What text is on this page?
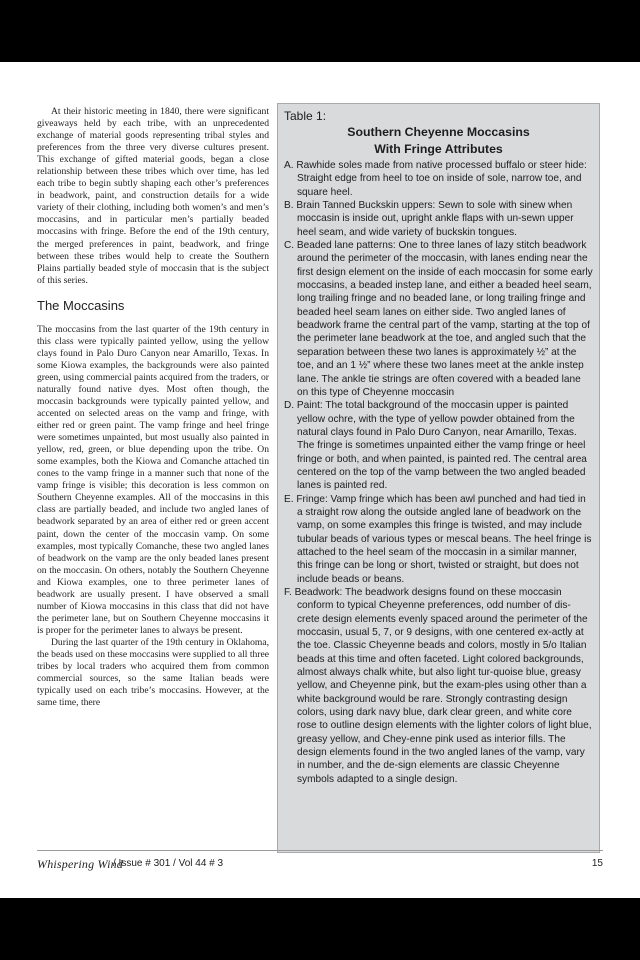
At their historic meeting in 1840, there were significant giveaways held by each tribe, with an unprecedented exchange of material goods representing tribal styles and preferences from the three very diverse cultures present. This exchange of gifted material goods, began a close relationship between these tribes which over time, has led each tribe to begin subtly shaping each other’s preferences in beadwork, paint, and construction details for a wide variety of their clothing, including both women’s and men’s moccasins, and in particular men’s partially beaded moccasins with fringe. Before the end of the 19th century, the merged preferences in paint, beadwork, and fringe between these tribes would help to create the Southern Plains partially beaded style of moccasin that is the subject of this series.

The Moccasins

The moccasins from the last quarter of the 19th century in this class were typically painted yellow, using the yellow clays found in Palo Duro Canyon near Amarillo, Texas. In some Kiowa examples, the backgrounds were also painted green, using commercial paints acquired from the traders, or naturally found native dyes. Most often though, the moccasin backgrounds were typically painted yellow, and accented on selected areas on the vamp and fringe, with either red or green paint. The vamp fringe and heel fringe were sometimes unpainted, but most usually also painted in yellow, red, green, or blue depending upon the tribe. On some examples, both the Kiowa and Comanche attached tin cones to the vamp fringe in a manner such that none of the vamp fringe is visible; this decoration is less common on Southern Cheyenne examples. All of the moccasins in this class are partially beaded, and include two angled lanes of beadwork separated by an area of either red or green accent paint, down the center of the moccasin vamp. On some examples, most typically Comanche, these two angled lanes of beadwork on the vamp are the only beaded lanes present on the moccasin. On others, notably the Southern Cheyenne and Kiowa examples, one to three perimeter lanes of beadwork are usually present. I have observed a small number of Kiowa moccasins in this class that did not have the perimeter lane, but on Southern Cheyenne moccasins it is proper for the perimeter lanes to always be present.

During the last quarter of the 19th century in Oklahoma, the beads used on these moccasins were supplied to all three tribes by local traders who acquired them from common commercial sources, so the same Italian beads were typically used on each tribe’s moccasins. However, at the same time, there

Table 1:
Southern Cheyenne Moccasins
With Fringe Attributes
A. Rawhide soles made from native processed buffalo or steer hide: Straight edge from heel to toe on inside of sole, narrow toe, and square heel.
B. Brain Tanned Buckskin uppers: Sewn to sole with sinew when moccasin is inside out, upright ankle flaps with un-sewn upper heel seam, and wide variety of buckskin tongues.
C. Beaded lane patterns: One to three lanes of lazy stitch beadwork around the perimeter of the moccasin, with lanes ending near the first design element on the inside of each moccasin for some early moccasins, a beaded instep lane, and either a beaded heel seam, long trailing fringe and no beaded lane, or long trailing fringe and beaded heel seam lanes on either side. Two angled lanes of beadwork frame the central part of the vamp, starting at the top of the perimeter lane beadwork at the toe, and angled such that the separation between these two lanes is approximately ½” at the toe, and an 1 ½” where these two lanes meet at the ankle instep lane. The ankle tie strings are often covered with a beaded lane on this type of Cheyenne moccasin
D. Paint: The total background of the moccasin upper is painted yellow ochre, with the type of yellow powder obtained from the natural clays found in Palo Duro Canyon, near Amarillo, Texas. The fringe is sometimes unpainted either the vamp fringe or heel fringe or both, and when painted, is painted red. The central area centered on the top of the vamp between the two angled beaded lanes is painted red.
E. Fringe: Vamp fringe which has been awl punched and had tied in a straight row along the outside angled lane of beadwork on the vamp, on some examples this fringe is twisted, and may include tubular beads of various types or mescal beans. The heel fringe is attached to the heel seam of the moccasin in a similar manner, this fringe can be long or short, twisted or straight, but does not include beads or beans.
F. Beadwork: The beadwork designs found on these moccasin conform to typical Cheyenne preferences, odd number of dis-crete design elements evenly spaced around the perimeter of the moccasin, usual 5, 7, or 9 designs, with one centered ex-actly at the toe. Classic Cheyenne beads and colors, mostly in 5/o Italian beads at this time and often faceted. Light colored backgrounds, almost always chalk white, but also light tur-quoise blue, greasy yellow, and Cheyenne pink, but the exam-ples using other than a white background would be rare. Strongly contrasting design colors, using dark navy blue, dark clear green, and white core rose to outline design elements with the lighter colors of light blue, greasy yellow, and Chey-enne pink used as interior fills. The design elements found in the two angled lanes of the vamp, vary in number, and the de-sign elements are classic Cheyenne symbols adapted to a single design.
Whispering Wind
/ Issue # 301 / Vol 44 # 3	15
